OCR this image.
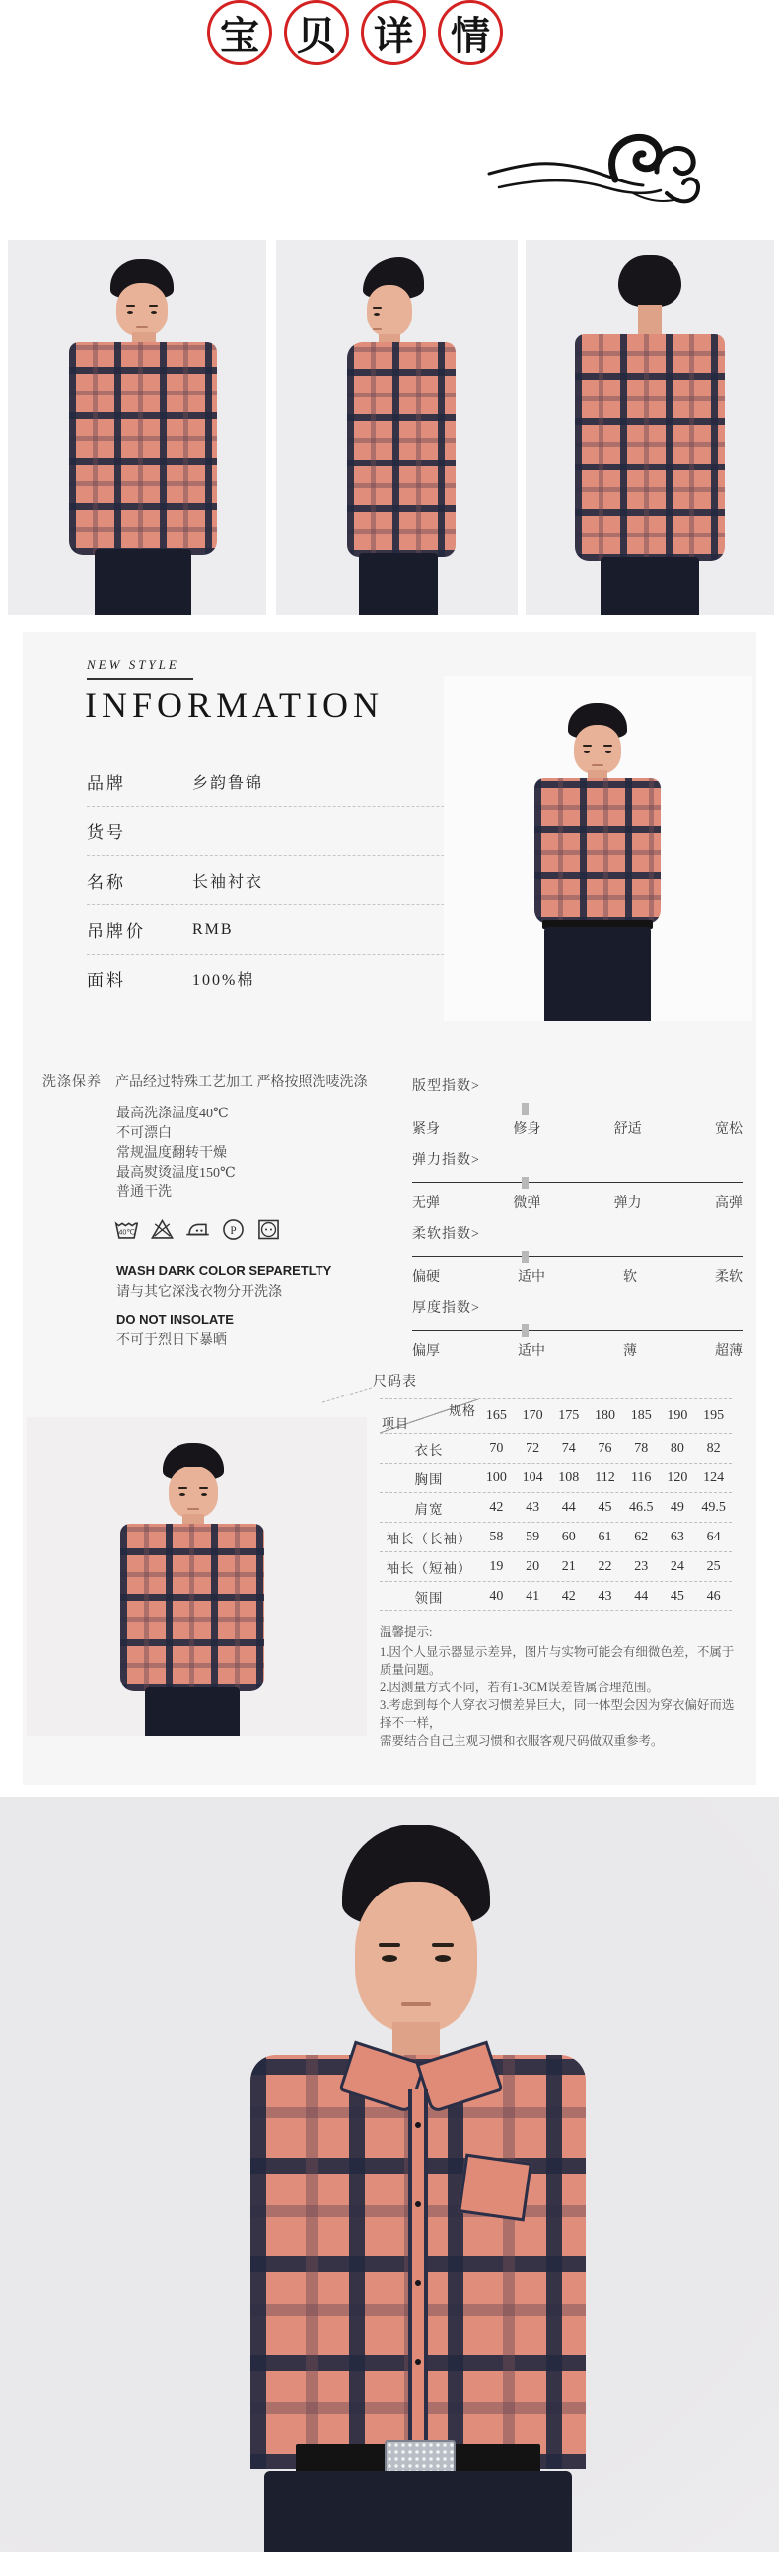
宝 贝 详 情
NEW STYLE
INFORMATION
品牌	乡韵鲁锦
货号
名称	长袖衬衣
吊牌价	RMB
面料	100%棉
洗涤保养 产品经过特殊工艺加工 严格按照洗唛洗涤
最高洗涤温度40℃
不可漂白
常规温度翻转干燥
最高熨烫温度150℃
普通干洗
40℃	P
WASH DARK COLOR SEPARETLTY
请与其它深浅衣物分开洗涤
DO NOT INSOLATE
不可于烈日下暴晒
版型指数>
紧身	修身	舒适	宽松
弹力指数>
无弹	微弹	弹力	高弹
柔软指数>
偏硬	适中	软	柔软
厚度指数>
偏厚	适中	薄	超薄
尺码表
规格
项目
165	170	175	180	185	190	195
衣长	70	72	74	76	78	80	82
胸围	100	104	108	112	116	120	124
肩宽	42	43	44	45	46.5	49	49.5
袖长（长袖）	58	59	60	61	62	63	64
袖长（短袖）	19	20	21	22	23	24	25
领围	40	41	42	43	44	45	46
温馨提示:
1.因个人显示器显示差异，图片与实物可能会有细微色差，不属于质量问题。
2.因测量方式不同，若有1-3CM误差皆属合理范围。
3.考虑到每个人穿衣习惯差异巨大，同一体型会因为穿衣偏好而选择不一样，
需要结合自己主观习惯和衣服客观尺码做双重参考。
